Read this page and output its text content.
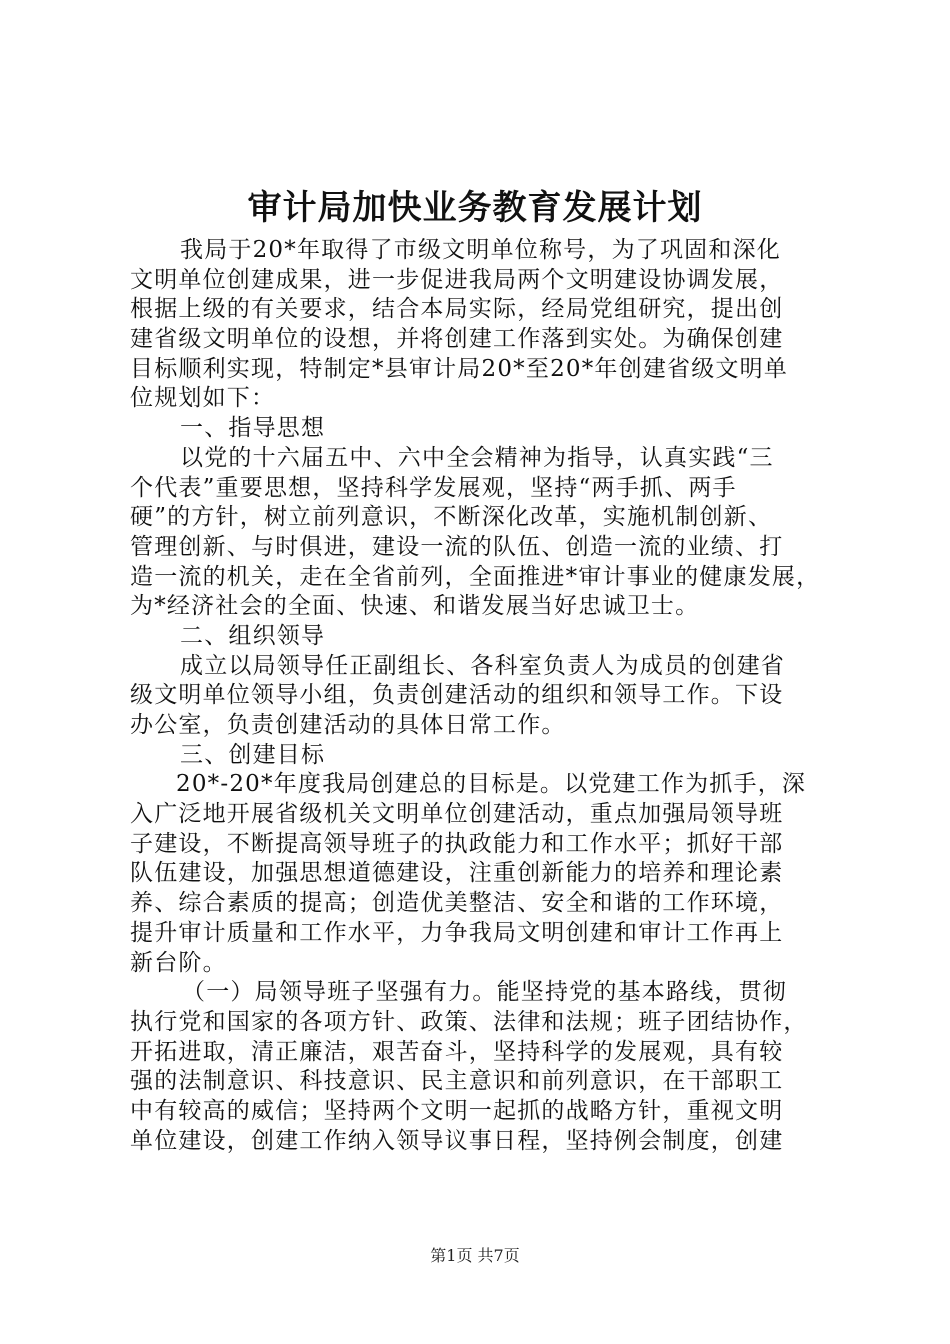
审计局加快业务教育发展计划
我局于20*年取得了市级文明单位称号，为了巩固和深化
文明单位创建成果，进一步促进我局两个文明建设协调发展，
根据上级的有关要求，结合本局实际，经局党组研究，提出创
建省级文明单位的设想，并将创建工作落到实处。为确保创建
目标顺利实现，特制定*县审计局20*至20*年创建省级文明单
位规划如下：
一、指导思想
以党的十六届五中、六中全会精神为指导，认真实践“三
个代表”重要思想，坚持科学发展观，坚持“两手抓、两手
硬”的方针，树立前列意识，不断深化改革，实施机制创新、
管理创新、与时俱进，建设一流的队伍、创造一流的业绩、打
造一流的机关，走在全省前列，全面推进*审计事业的健康发展，
为*经济社会的全面、快速、和谐发展当好忠诚卫士。
二、组织领导
成立以局领导任正副组长、各科室负责人为成员的创建省
级文明单位领导小组，负责创建活动的组织和领导工作。下设
办公室，负责创建活动的具体日常工作。
三、创建目标
20*-20*年度我局创建总的目标是。以党建工作为抓手，深
入广泛地开展省级机关文明单位创建活动，重点加强局领导班
子建设，不断提高领导班子的执政能力和工作水平；抓好干部
队伍建设，加强思想道德建设，注重创新能力的培养和理论素
养、综合素质的提高；创造优美整洁、安全和谐的工作环境，
提升审计质量和工作水平，力争我局文明创建和审计工作再上
新台阶。
（一）局领导班子坚强有力。能坚持党的基本路线，贯彻
执行党和国家的各项方针、政策、法律和法规；班子团结协作，
开拓进取，清正廉洁，艰苦奋斗，坚持科学的发展观，具有较
强的法制意识、科技意识、民主意识和前列意识，在干部职工
中有较高的威信；坚持两个文明一起抓的战略方针，重视文明
单位建设，创建工作纳入领导议事日程，坚持例会制度，创建
第1页 共7页
